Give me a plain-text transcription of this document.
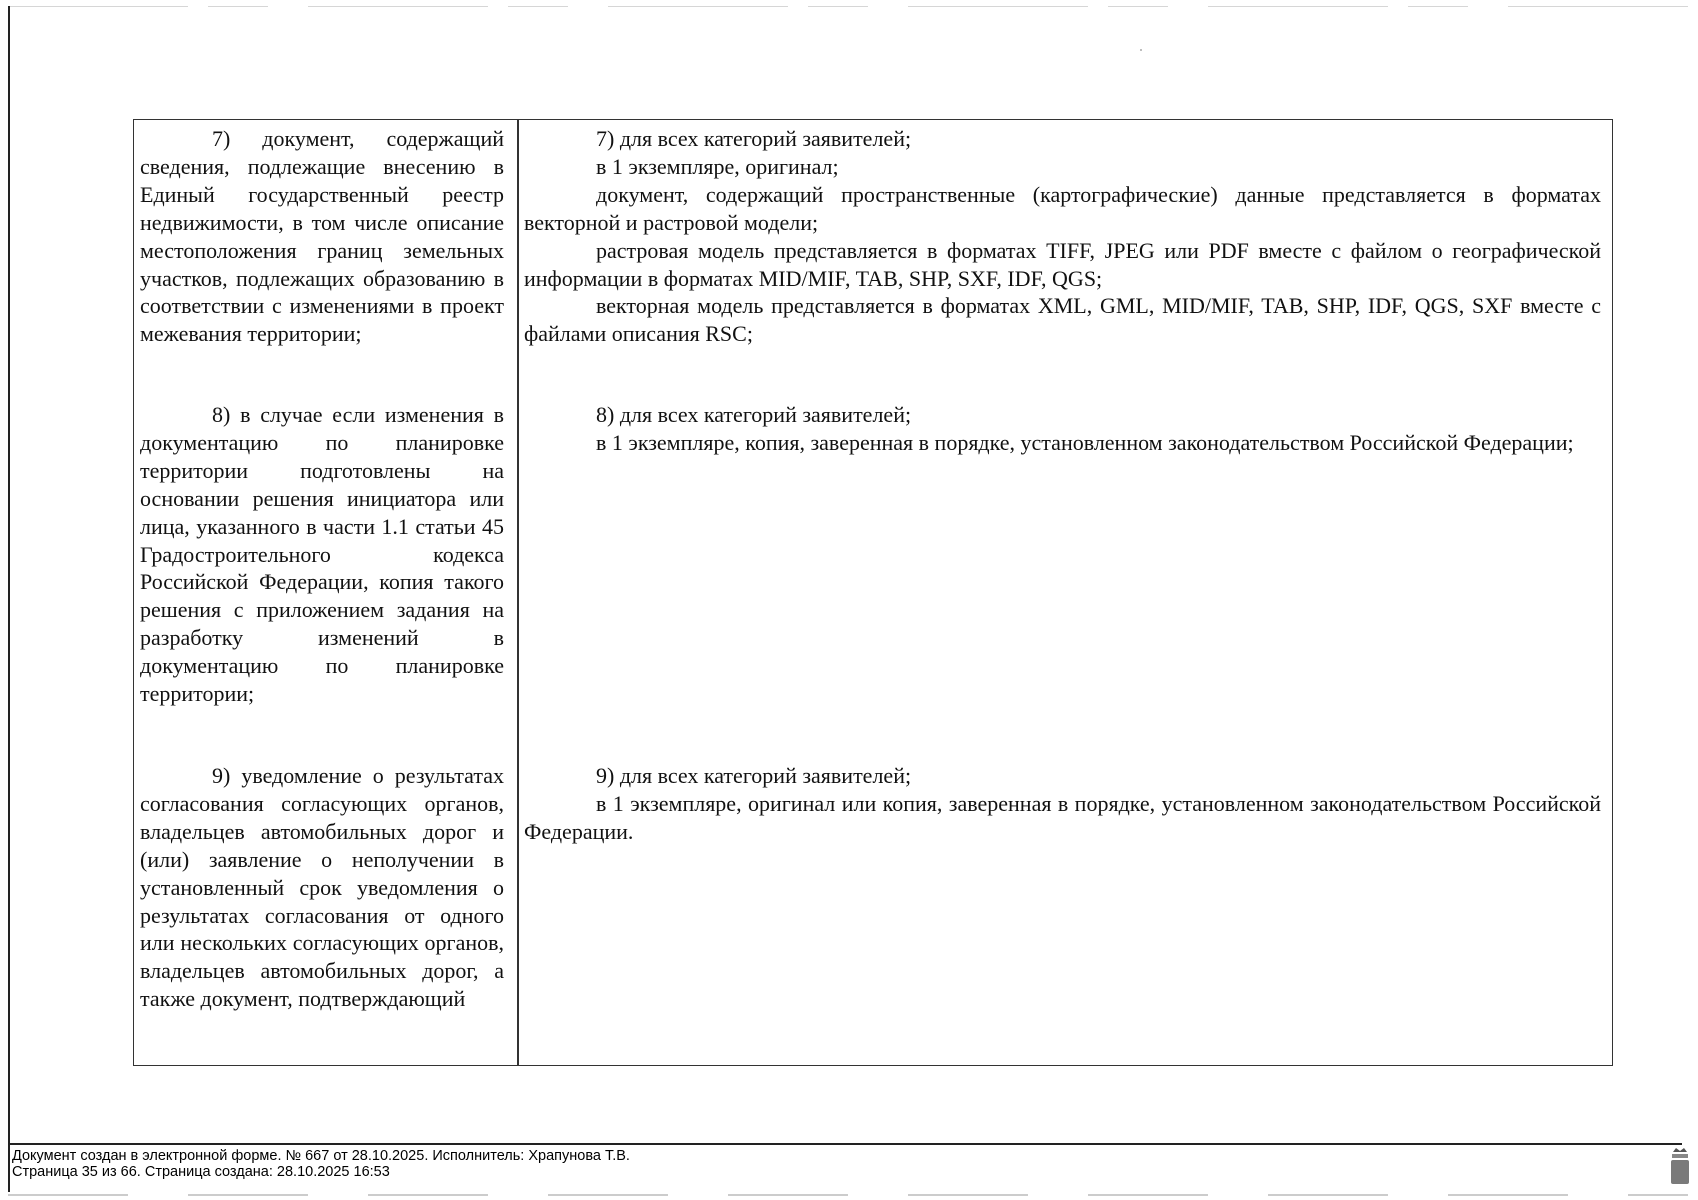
7) документ, содержащий сведения, подлежащие внесению в Единый государственный реестр недвижимости, в том числе описание местоположения границ земельных участков, подлежащих образованию в соответствии с изменениями в проект межевания территории;

7) для всех категорий заявителей;

в 1 экземпляре, оригинал;

документ, содержащий пространственные (картографические) данные представляется в форматах векторной и растровой модели;

растровая модель представляется в форматах TIFF, JPEG или PDF вместе с файлом о географической информации в форматах MID/MIF, TAB, SHP, SXF, IDF, QGS;

векторная модель представляется в форматах XML, GML, MID/MIF, TAB, SHP, IDF, QGS, SXF вместе с файлами описания RSC;

8) в случае если изменения в документацию по планировке территории подготовлены на основании решения инициатора или лица, указанного в части 1.1 статьи 45 Градостроительного кодекса Российской Федерации, копия такого решения с приложением задания на разработку изменений в документацию по планировке территории;

8) для всех категорий заявителей;

в 1 экземпляре, копия, заверенная в порядке, установленном законодательством Российской Федерации;

9) уведомление о результатах согласования согласующих органов, владельцев автомобильных дорог и (или) заявление о неполучении в установленный срок уведомления о результатах согласования от одного или нескольких согласующих органов, владельцев автомобильных дорог, а также документ, подтверждающий

9) для всех категорий заявителей;

в 1 экземпляре, оригинал или копия, заверенная в порядке, установленном законодательством Российской Федерации.

Документ создан в электронной форме. № 667 от 28.10.2025. Исполнитель: Храпунова Т.В.
Страница 35 из 66. Страница создана: 28.10.2025 16:53
